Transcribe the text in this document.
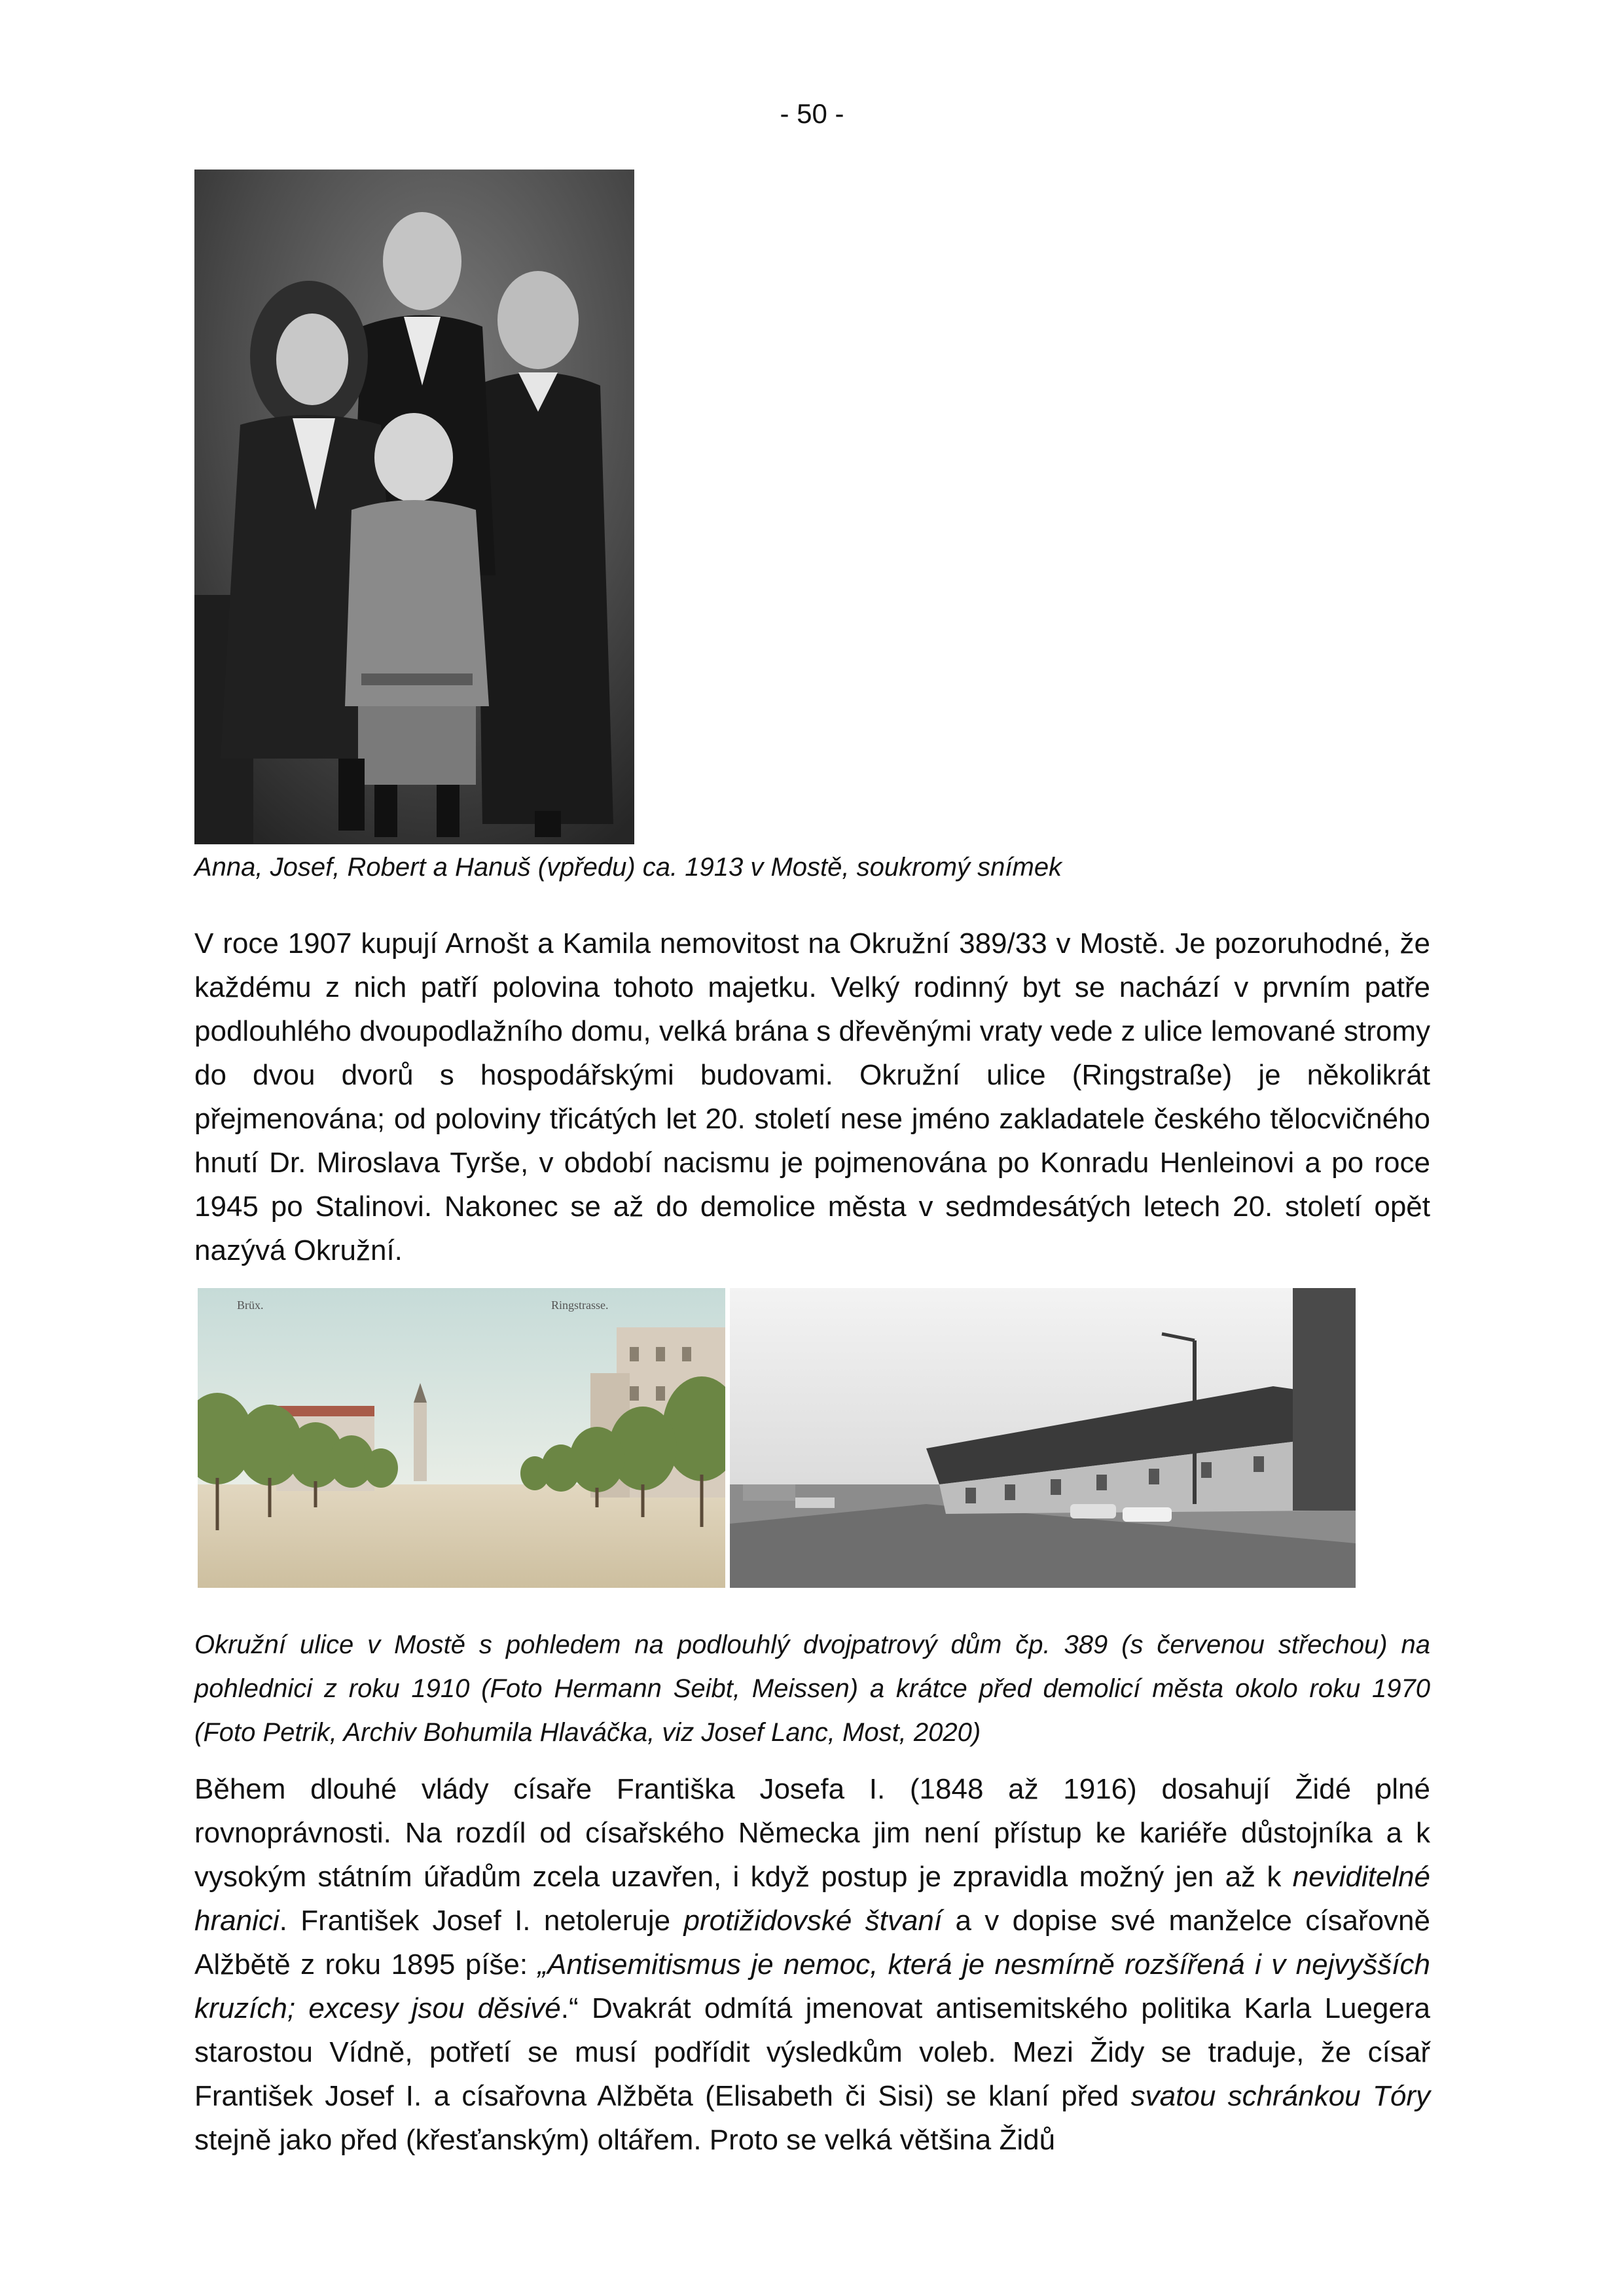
- 50 -
Anna, Josef, Robert a Hanuš (vpředu) ca. 1913 v Mostě, soukromý snímek

V roce 1907 kupují Arnošt a Kamila nemovitost na Okružní 389/33 v Mostě. Je pozoruhodné, že každému z nich patří polovina tohoto majetku. Velký rodinný byt se nachází v prvním patře podlouhlého dvoupodlažního domu, velká brána s dřevěnými vraty vede z ulice lemované stromy do dvou dvorů s hospodářskými budovami. Okružní ulice (Ringstraße) je několikrát přejmenována; od poloviny třicátých let 20. století nese jméno zakladatele českého tělocvičného hnutí Dr. Miroslava Tyrše, v období nacismu je pojmenována po Konradu Henleinovi a po roce 1945 po Stalinovi. Nakonec se až do demolice města v sedmdesátých letech 20. století opět nazývá Okružní.

Brüx.	Ringstrasse.
Okružní ulice v Mostě s pohledem na podlouhlý dvojpatrový dům čp. 389 (s červenou střechou) na pohlednici z roku 1910 (Foto Hermann Seibt, Meissen) a krátce před demolicí města okolo roku 1970 (Foto Petrik, Archiv Bohumila Hlaváčka, viz Josef Lanc, Most, 2020)

Během dlouhé vlády císaře Františka Josefa I. (1848 až 1916) dosahují Židé plné rovnoprávnosti. Na rozdíl od císařského Německa jim není přístup ke kariéře důstojníka a k vysokým státním úřadům zcela uzavřen, i když postup je zpravidla možný jen až k neviditelné hranici. František Josef I. netoleruje protižidovské štvaní a v dopise své manželce císařovně Alžbětě z roku 1895 píše: „Antisemitismus je nemoc, která je nesmírně rozšířená i v nejvyšších kruzích; excesy jsou děsivé.“ Dvakrát odmítá jmenovat antisemitského politika Karla Luegera starostou Vídně, potřetí se musí podřídit výsledkům voleb. Mezi Židy se traduje, že císař František Josef I. a císařovna Alžběta (Elisabeth či Sisi) se klaní před svatou schránkou Tóry stejně jako před (křesťanským) oltářem. Proto se velká většina Židů
